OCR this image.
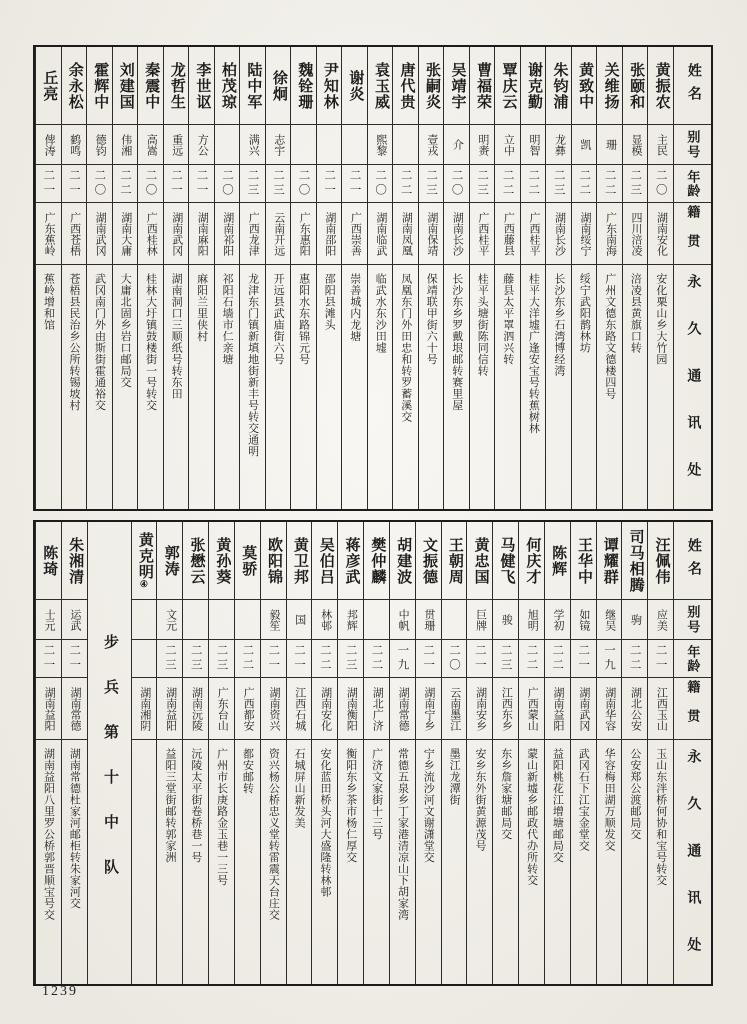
姓名
别号
年龄
籍贯
永久通讯处
黄振农
主民
二〇
湖南安化
安化栗山乡大竹园
张颐和
显模
二三
四川涪凌
涪凌县黄旗口转
关维扬
珊
二二
广东南海
广州文德东路文德楼四号
黄致中
凯
二二
湖南绥宁
绥宁武阳鹊林坊
朱钧浦
龙彝
二三
湖南长沙
长沙东乡石湾博经湾
谢克勤
明智
二二
广西桂平
桂平大洋墟广逢安宝号转蕉树林
覃庆云
立中
二二
广西藤县
藤县太平罩泗兴转
曹福荣
明赉
二三
广西桂平
桂平头塘街陈同信转
吴靖宇
介
二〇
湖南长沙
长沙东乡罗戴垠邮转赛里屋
张嗣炎
壹戎
二三
湖南保靖
保靖联甲街六十号
唐代贵
二二
湖南凤凰
凤凰东门外田忠和转罗蓄溪交
袁玉威
熙黎
二〇
湖南临武
临武水东沙田墟
谢炎
二一
广西崇善
崇善城内龙塘
尹知林
二一
湖南邵阳
邵阳县滩头
魏铨珊
二〇
广东惠阳
惠阳水东路锦元号
徐炯
志宇
二三
云南开远
开远县武庙街六号
陆中军
满兴
二三
广西龙津
龙津东门镇新填地街新丰号转交通明
柏茂琼
二〇
湖南祁阳
祁阳石墙市仁亲塘
李世讴
方公
二一
湖南麻阳
麻阳兰里侠村
龙哲生
重远
二一
湖南武冈
湖南洞口三顺纸号转东田
秦震中
高嵩
二〇
广西桂林
桂林大圩镇鼓楼街一号转交
刘建国
伟湘
二二
湖南大庸
大庸北固乡岩口邮局交
霍辉中
德钧
二〇
湖南武冈
武冈南门外由斯街霍通裕交
余永松
鹤鸣
二一
广西苍梧
苍梧县民治乡公所转锡坡村
丘亮
俾涛
二一
广东蕉岭
蕉岭增和馆
姓名
别号
年龄
籍贯
永久通讯处
汪佩伟
应美
二一
江西玉山
玉山东泮桥何协和宝号转交
司马相腾
驹
二二
湖北公安
公安郑公渡邮局交
谭耀群
继吴
一九
湖南华容
华容梅田湖万顺发交
王华中
如镜
二一
湖南武冈
武冈石下江宝金堂交
陈辉
学初
二二
湖南益阳
益阳桃花江增塘邮局交
何庆才
旭明
二二
广西蒙山
蒙山新墟乡邮政代办所转交
马健飞
骏
二三
江西东乡
东乡詹家塘邮局交
黄忠国
巨牌
二一
湖南安乡
安乡东外街黄源茂号
王朝周
二〇
云南墨江
墨江龙潭街
文振德
贯珊
二一
湖南宁乡
宁乡流沙河文谢潇堂交
胡建波
中帆
一九
湖南常德
常德五泉乡丁家港清凉山下胡家湾
樊仲麟
二二
湖北广济
广济文家街十三号
蒋彦武
邦辉
二三
湖南衡阳
衡阳东乡茶市杨仁厚交
吴伯吕
林邨
二二
湖南安化
安化蓝田桥头河大盛隆转林邨
黄卫邦
国
二一
江西石城
石城屏山新发美
欧阳锦
毅笙
二一
湖南资兴
资兴杨公桥忠义堂转雷震天台庄交
莫骄
二二
广西都安
都安邮转
黄孙葵
二三
广东台山
广州市长庚路金玉巷一三号
张懋云
二三
湖南沅陵
沅陵太平街卷桥巷一号
郭涛
文元
二三
湖南益阳
益阳三堂街邮转郭家洲
黄克明④
湖南湘阴
步兵第十中队
朱湘清
运武
二一
湖南常德
湖南常德杜家河邮柜转朱家河交
陈琦
士元
二一
湖南益阳
湖南益阳八里罗公桥郭晋顺宝号交
1239
